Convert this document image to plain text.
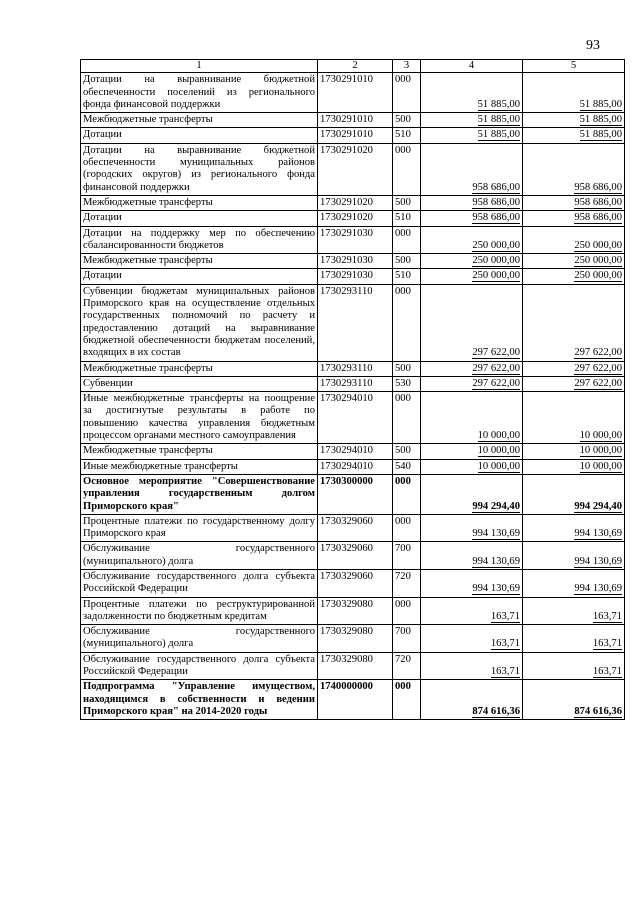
93
1	2	3	4	5
Дотации на выравнивание бюджетной обеспеченности поселений из регионального фонда финансовой поддержки	1730291010	000	51 885,00	51 885,00
Межбюджетные трансферты	1730291010	500	51 885,00	51 885,00
Дотации	1730291010	510	51 885,00	51 885,00
Дотации на выравнивание бюджетной обеспеченности муниципальных районов (городских округов) из регионального фонда финансовой поддержки	1730291020	000	958 686,00	958 686,00
Межбюджетные трансферты	1730291020	500	958 686,00	958 686,00
Дотации	1730291020	510	958 686,00	958 686,00
Дотации на поддержку мер по обеспечению сбалансированности бюджетов	1730291030	000	250 000,00	250 000,00
Межбюджетные трансферты	1730291030	500	250 000,00	250 000,00
Дотации	1730291030	510	250 000,00	250 000,00
Субвенции бюджетам муниципальных районов Приморского края на осуществление отдельных государственных полномочий по расчету и предоставлению дотаций на выравнивание бюджетной обеспеченности бюджетам поселений, входящих в их состав	1730293110	000	297 622,00	297 622,00
Межбюджетные трансферты	1730293110	500	297 622,00	297 622,00
Субвенции	1730293110	530	297 622,00	297 622,00
Иные межбюджетные трансферты на поощрение за достигнутые результаты в работе по повышению качества управления бюджетным процессом органами местного самоуправления	1730294010	000	10 000,00	10 000,00
Межбюджетные трансферты	1730294010	500	10 000,00	10 000,00
Иные межбюджетные трансферты	1730294010	540	10 000,00	10 000,00
Основное мероприятие "Совершенствование управления государственным долгом Приморского края"	1730300000	000	994 294,40	994 294,40
Процентные платежи по государственному долгу Приморского края	1730329060	000	994 130,69	994 130,69
Обслуживание государственного (муниципального) долга	1730329060	700	994 130,69	994 130,69
Обслуживание государственного долга субъекта Российской Федерации	1730329060	720	994 130,69	994 130,69
Процентные платежи по реструктурированной задолженности по бюджетным кредитам	1730329080	000	163,71	163,71
Обслуживание государственного (муниципального) долга	1730329080	700	163,71	163,71
Обслуживание государственного долга субъекта Российской Федерации	1730329080	720	163,71	163,71
Подпрограмма "Управление имуществом, находящимся в собственности и ведении Приморского края" на 2014-2020 годы	1740000000	000	874 616,36	874 616,36
